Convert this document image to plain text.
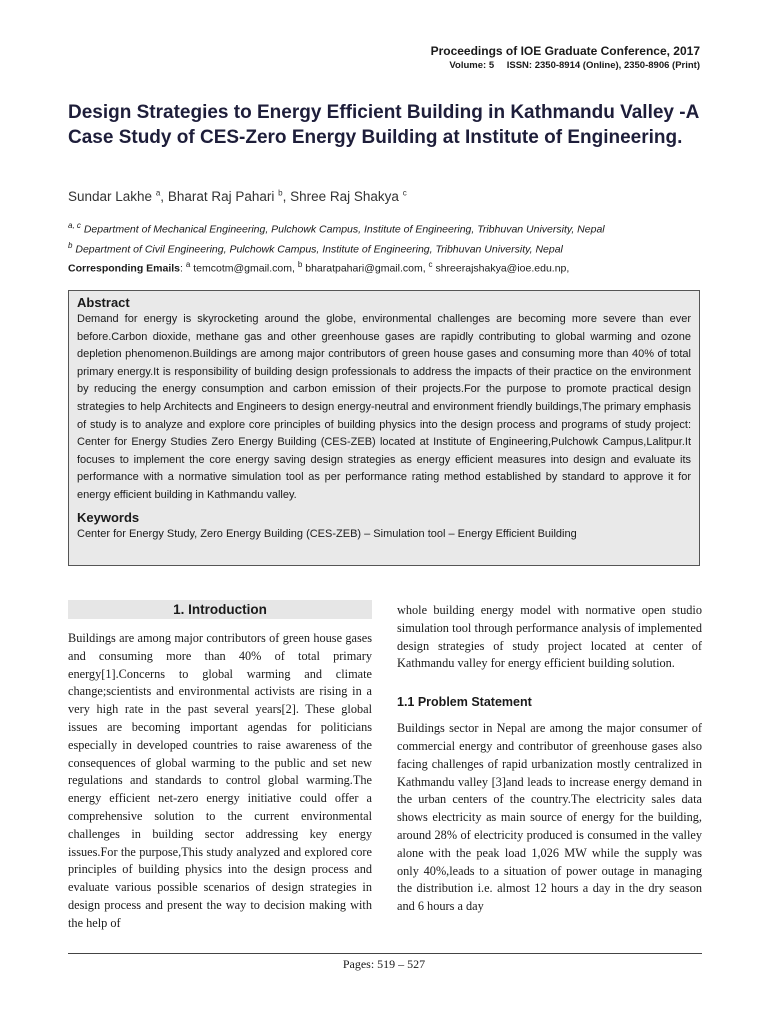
Proceedings of IOE Graduate Conference, 2017
Volume: 5 ISSN: 2350-8914 (Online), 2350-8906 (Print)
Design Strategies to Energy Efficient Building in Kathmandu Valley -A Case Study of CES-Zero Energy Building at Institute of Engineering.
Sundar Lakhe $^a$, Bharat Raj Pahari $^b$, Shree Raj Shakya $^c$
$^{a, c}$ Department of Mechanical Engineering, Pulchowk Campus, Institute of Engineering, Tribhuvan University, Nepal
$^b$ Department of Civil Engineering, Pulchowk Campus, Institute of Engineering, Tribhuvan University, Nepal
Corresponding Emails: $^a$ temcotm@gmail.com, $^b$ bharatpahari@gmail.com, $^c$ shreerajshakya@ioe.edu.np,
Abstract

Demand for energy is skyrocketing around the globe, environmental challenges are becoming more severe than ever before.Carbon dioxide, methane gas and other greenhouse gases are rapidly contributing to global warming and ozone depletion phenomenon.Buildings are among major contributors of green house gases and consuming more than 40% of total primary energy.It is responsibility of building design professionals to address the impacts of their practice on the environment by reducing the energy consumption and carbon emission of their projects.For the purpose to promote practical design strategies to help Architects and Engineers to design energy-neutral and environment friendly buildings,The primary emphasis of study is to analyze and explore core principles of building physics into the design process and programs of study project: Center for Energy Studies Zero Energy Building (CES-ZEB) located at Institute of Engineering,Pulchowk Campus,Lalitpur.It focuses to implement the core energy saving design strategies as energy efficient measures into design and evaluate its performance with a normative simulation tool as per performance rating method established by standard to approve it for energy efficient building in Kathmandu valley.

Keywords

Center for Energy Study, Zero Energy Building (CES-ZEB) – Simulation tool – Energy Efficient Building

1. Introduction

Buildings are among major contributors of green house gases and consuming more than 40% of total primary energy[1].Concerns to global warming and climate change;scientists and environmental activists are rising in a very high rate in the past several years[2]. These global issues are becoming important agendas for politicians especially in developed countries to raise awareness of the consequences of global warming to the public and set new regulations and standards to control global warming.The energy efficient net-zero energy initiative could offer a comprehensive solution to the current environmental challenges in building sector addressing key energy issues.For the purpose,This study analyzed and explored core principles of building physics into the design process and evaluate various possible scenarios of design strategies in design process and present the way to decision making with the help of

whole building energy model with normative open studio simulation tool through performance analysis of implemented design strategies of study project located at center of Kathmandu valley for energy efficient building solution.

1.1 Problem Statement

Buildings sector in Nepal are among the major consumer of commercial energy and contributor of greenhouse gases also facing challenges of rapid urbanization mostly centralized in Kathmandu valley [3]and leads to increase energy demand in the urban centers of the country.The electricity sales data shows electricity as main source of energy for the building, around 28% of electricity produced is consumed in the valley alone with the peak load 1,026 MW while the supply was only 40%,leads to a situation of power outage in managing the distribution i.e. almost 12 hours a day in the dry season and 6 hours a day

Pages: 519 – 527
